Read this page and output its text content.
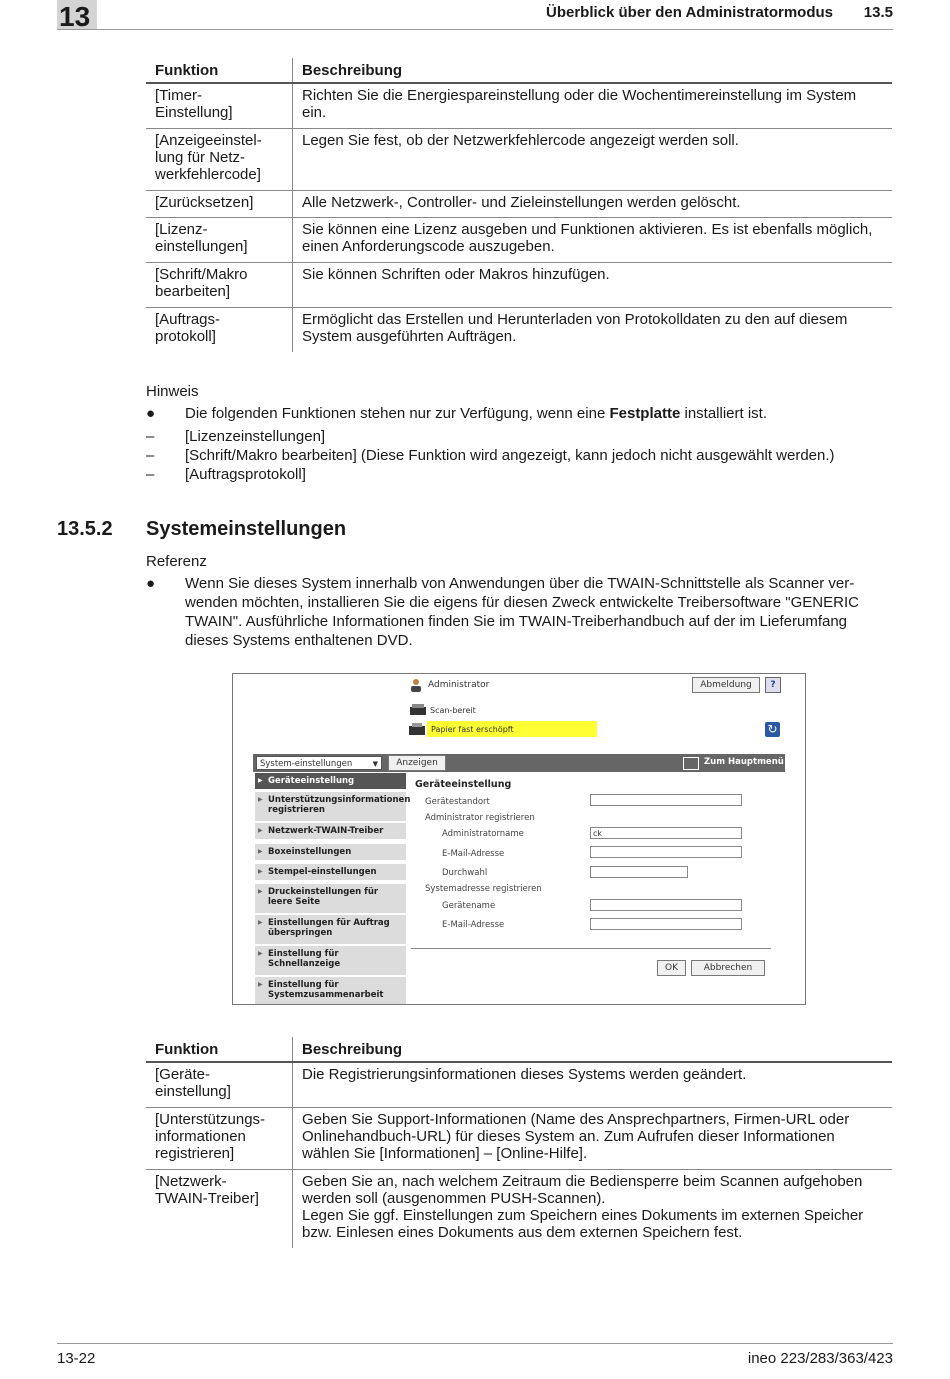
13	Überblick über den Administratormodus 13.5
Funktion	Beschreibung
[Timer-
Einstellung]	Richten Sie die Energiespareinstellung oder die Wochentimereinstellung im System ein.
[Anzeigeeinstel-
lung für Netz-
werkfehlercode]	Legen Sie fest, ob der Netzwerkfehlercode angezeigt werden soll.
[Zurücksetzen]	Alle Netzwerk-, Controller- und Zieleinstellungen werden gelöscht.
[Lizenz-
einstellungen]	Sie können eine Lizenz ausgeben und Funktionen aktivieren. Es ist ebenfalls möglich, einen Anforderungscode auszugeben.
[Schrift/Makro
bearbeiten]	Sie können Schriften oder Makros hinzufügen.
[Auftrags-
protokoll]	Ermöglicht das Erstellen und Herunterladen von Protokolldaten zu den auf diesem System ausgeführten Aufträgen.
Hinweis
● Die folgenden Funktionen stehen nur zur Verfügung, wenn eine Festplatte installiert ist.
– [Lizenzeinstellungen]
– [Schrift/Makro bearbeiten] (Diese Funktion wird angezeigt, kann jedoch nicht ausgewählt werden.)
– [Auftragsprotokoll]
13.5.2 Systemeinstellungen
Referenz
● Wenn Sie dieses System innerhalb von Anwendungen über die TWAIN-Schnittstelle als Scanner ver-
wenden möchten, installieren Sie die eigens für diesen Zweck entwickelte Treibersoftware "GENERIC
TWAIN". Ausführliche Informationen finden Sie im TWAIN-Treiberhandbuch auf der im Lieferumfang
dieses Systems enthaltenen DVD.
Administrator	Abmeldung	?
Scan-bereit
Papier fast erschöpft	↻
System-einstellungen	▼	Anzeigen	Zum Hauptmenü
▶ Geräteeinstellung
▶ Unterstützungsinformationen registrieren
▶ Netzwerk-TWAIN-Treiber
▶ Boxeinstellungen
▶ Stempel-einstellungen
▶ Druckeinstellungen für leere Seite
▶ Einstellungen für Auftrag überspringen
▶ Einstellung für Schnellanzeige
▶ Einstellung für Systemzusammenarbeit
Geräteeinstellung
Gerätestandort
Administrator registrieren
Administratorname	ck
E-Mail-Adresse
Durchwahl
Systemadresse registrieren
Gerätename
E-Mail-Adresse
OK	Abbrechen
Funktion	Beschreibung
[Geräte-
einstellung]	Die Registrierungsinformationen dieses Systems werden geändert.
[Unterstützungs-
informationen
registrieren]	Geben Sie Support-Informationen (Name des Ansprechpartners, Firmen-URL oder Onlinehandbuch-URL) für dieses System an. Zum Aufrufen dieser Informationen wählen Sie [Informationen] – [Online-Hilfe].
[Netzwerk-
TWAIN-Treiber]	Geben Sie an, nach welchem Zeitraum die Bediensperre beim Scannen aufgehoben werden soll (ausgenommen PUSH-Scannen).
Legen Sie ggf. Einstellungen zum Speichern eines Dokuments im externen Speicher bzw. Einlesen eines Dokuments aus dem externen Speichern fest.
13-22	ineo 223/283/363/423
